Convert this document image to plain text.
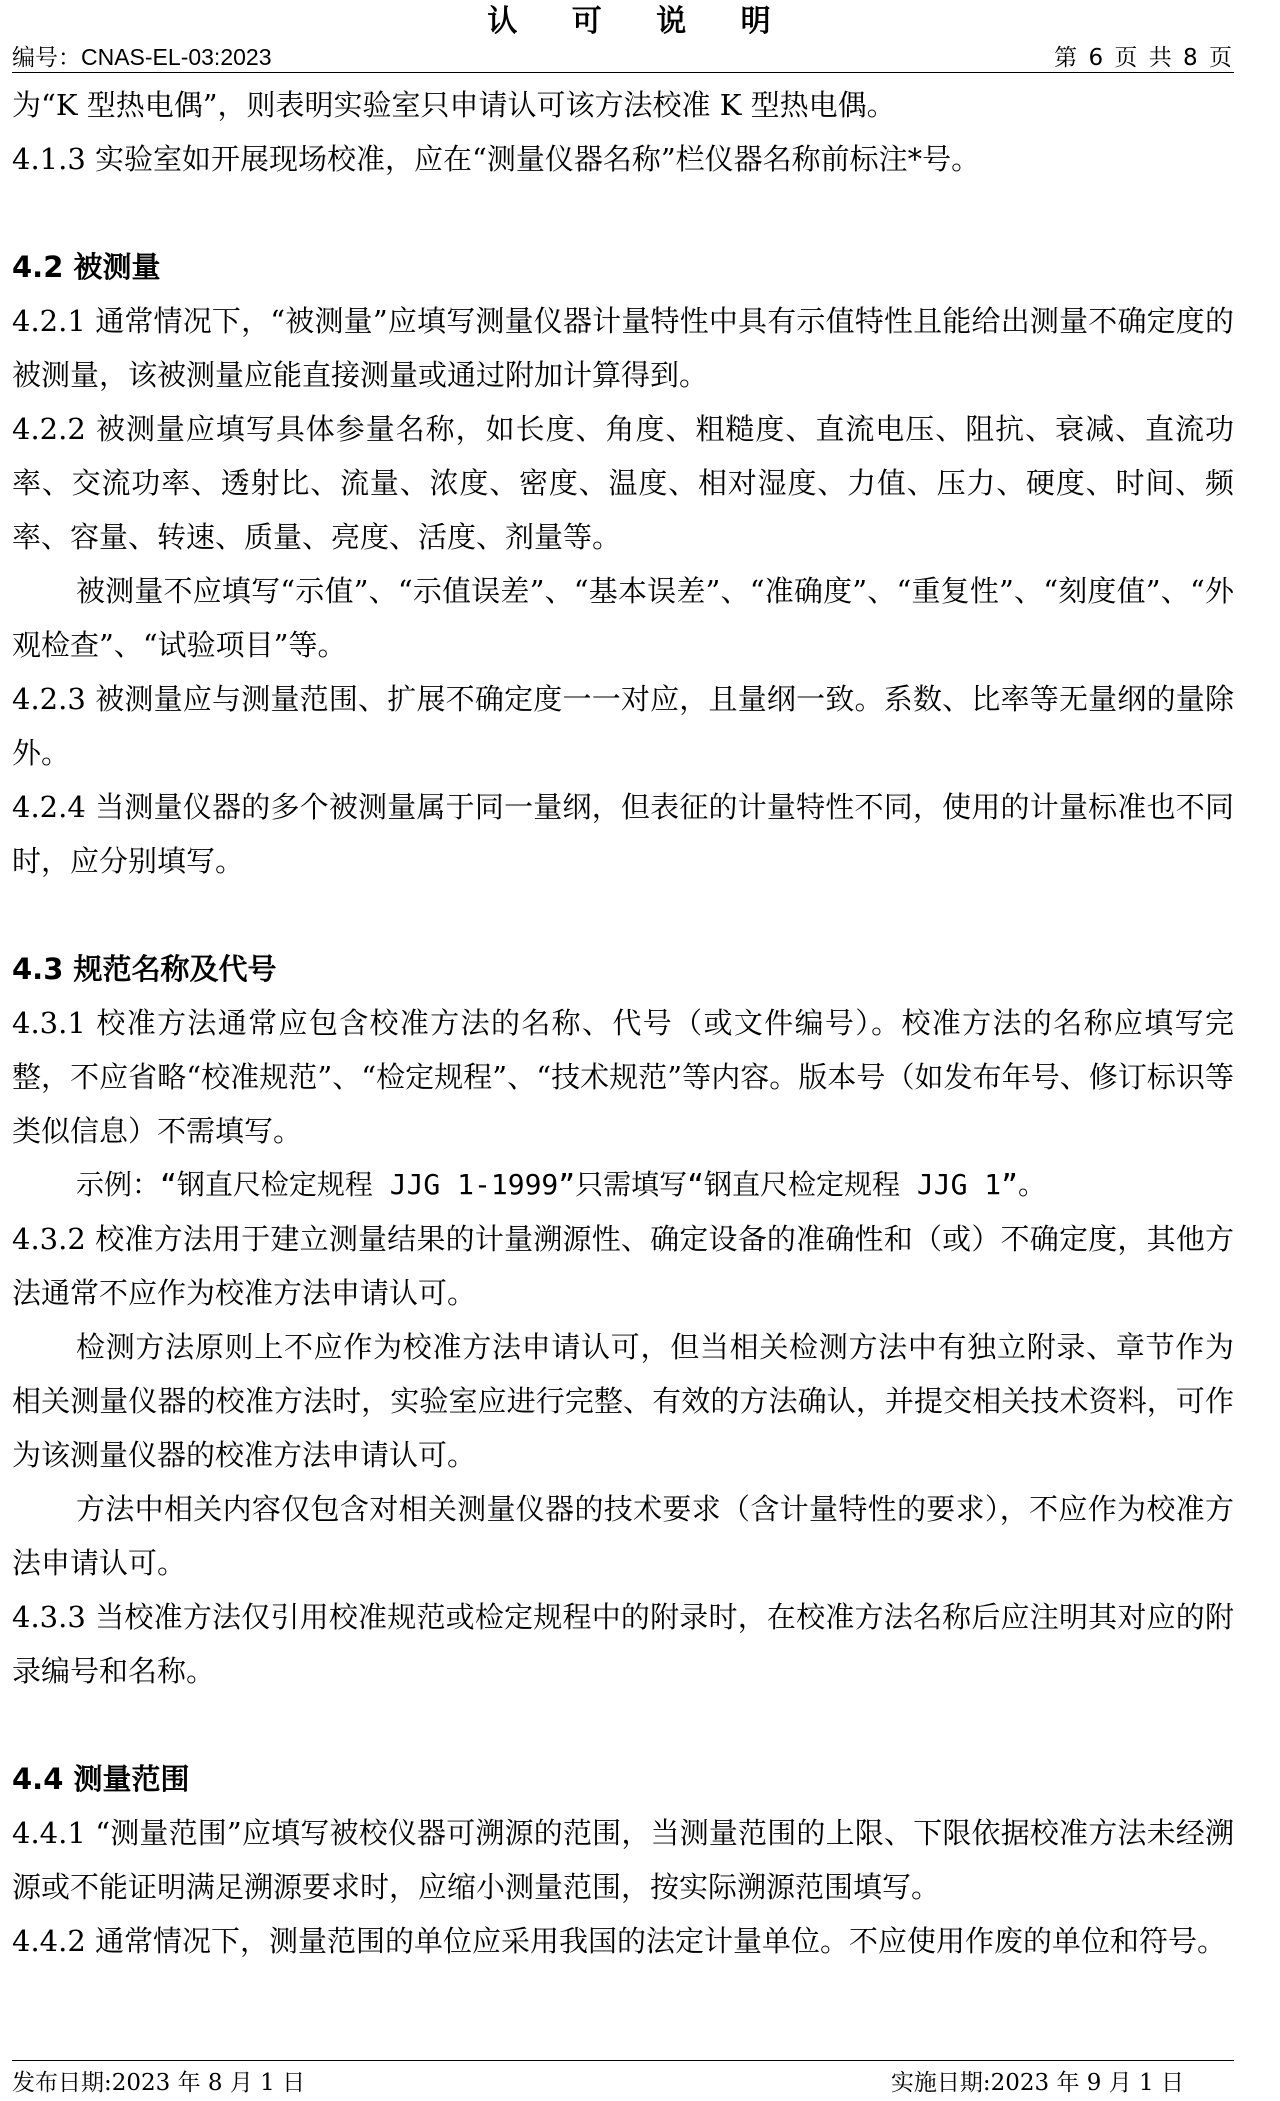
认 可 说 明
编号：CNAS-EL-03:2023	第 6 页 共 8 页

为“K 型热电偶”，则表明实验室只申请认可该方法校准 K 型热电偶。

4.1.3 实验室如开展现场校准，应在“测量仪器名称”栏仪器名称前标注*号。

4.2 被测量

4.2.1 通常情况下，“被测量”应填写测量仪器计量特性中具有示值特性且能给出测量不确定度的被测量，该被测量应能直接测量或通过附加计算得到。

4.2.2 被测量应填写具体参量名称，如长度、角度、粗糙度、直流电压、阻抗、衰减、直流功率、交流功率、透射比、流量、浓度、密度、温度、相对湿度、力值、压力、硬度、时间、频率、容量、转速、质量、亮度、活度、剂量等。

被测量不应填写“示值”、“示值误差”、“基本误差”、“准确度”、“重复性”、“刻度值”、“外观检查”、“试验项目”等。

4.2.3 被测量应与测量范围、扩展不确定度一一对应，且量纲一致。系数、比率等无量纲的量除外。

4.2.4 当测量仪器的多个被测量属于同一量纲，但表征的计量特性不同，使用的计量标准也不同时，应分别填写。

4.3 规范名称及代号

4.3.1 校准方法通常应包含校准方法的名称、代号（或文件编号）。校准方法的名称应填写完整，不应省略“校准规范”、“检定规程”、“技术规范”等内容。版本号（如发布年号、修订标识等类似信息）不需填写。

示例：“钢直尺检定规程 JJG 1-1999”只需填写“钢直尺检定规程 JJG 1”。

4.3.2 校准方法用于建立测量结果的计量溯源性、确定设备的准确性和（或）不确定度，其他方法通常不应作为校准方法申请认可。

检测方法原则上不应作为校准方法申请认可，但当相关检测方法中有独立附录、章节作为相关测量仪器的校准方法时，实验室应进行完整、有效的方法确认，并提交相关技术资料，可作为该测量仪器的校准方法申请认可。

方法中相关内容仅包含对相关测量仪器的技术要求（含计量特性的要求），不应作为校准方法申请认可。

4.3.3 当校准方法仅引用校准规范或检定规程中的附录时，在校准方法名称后应注明其对应的附录编号和名称。

4.4 测量范围

4.4.1 “测量范围”应填写被校仪器可溯源的范围，当测量范围的上限、下限依据校准方法未经溯源或不能证明满足溯源要求时，应缩小测量范围，按实际溯源范围填写。

4.4.2 通常情况下，测量范围的单位应采用我国的法定计量单位。不应使用作废的单位和符号。

发布日期:2023 年 8 月 1 日	实施日期:2023 年 9 月 1 日
